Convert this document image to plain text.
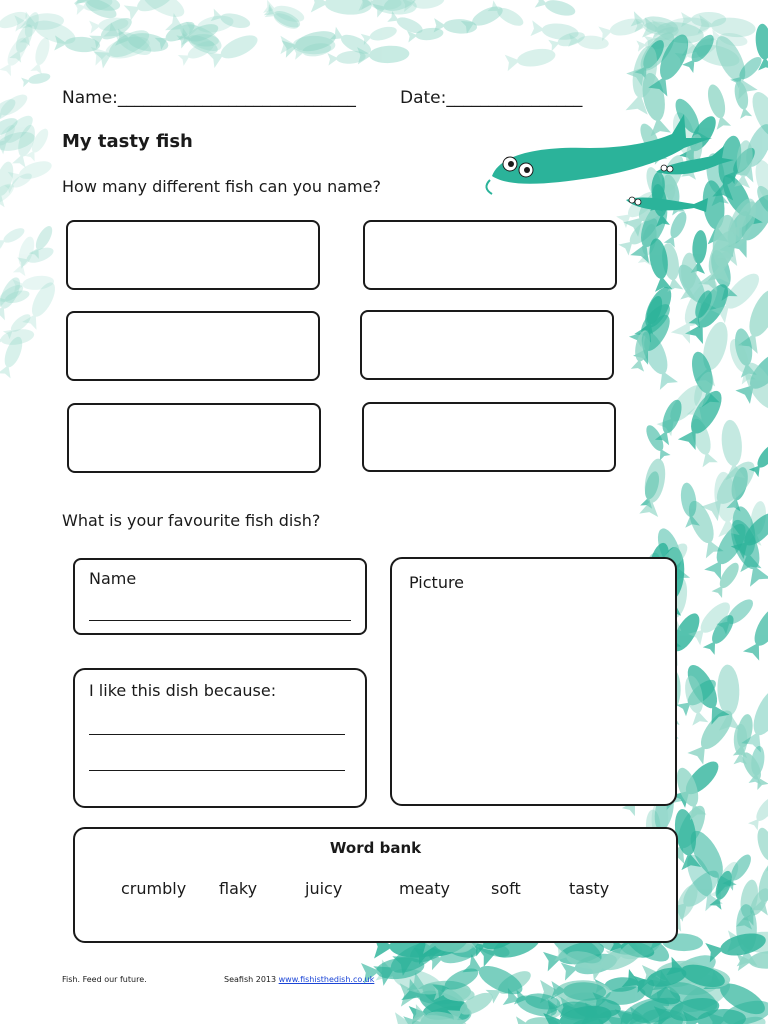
Name:____________________________	Date:________________
My tasty fish
How many different fish can you name?
What is your favourite fish dish?
Name	Picture
I like this dish because:
Word bank
crumbly flaky	juicy	meaty	soft	tasty
Fish. Feed our future.	Seafish 2013 www.fishisthedish.co.uk
